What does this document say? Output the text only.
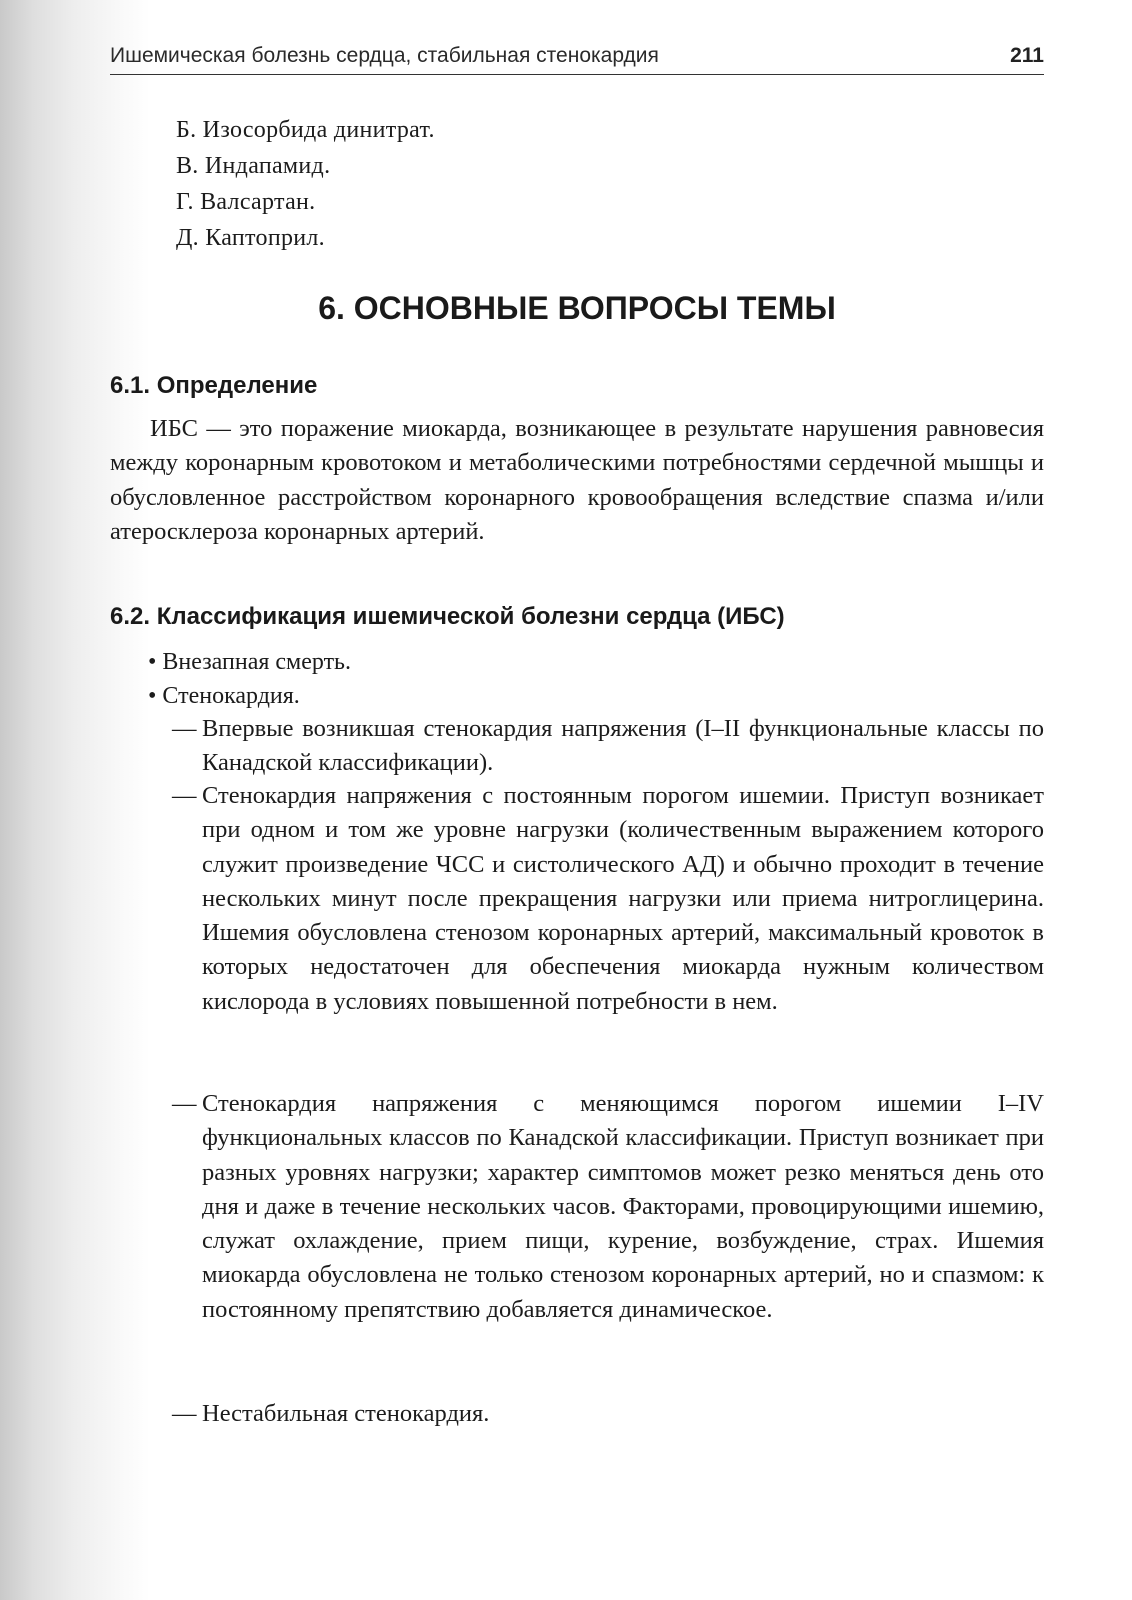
Ишемическая болезнь сердца, стабильная стенокардия	211
Б. Изосорбида динитрат.
В. Индапамид.
Г. Валсартан.
Д. Каптоприл.
6. ОСНОВНЫЕ ВОПРОСЫ ТЕМЫ
6.1. Определение

ИБС — это поражение миокарда, возникающее в результате нарушения равновесия между коронарным кровотоком и метаболическими потребностями сердечной мышцы и обусловленное расстройством коронарного кровообращения вследствие спазма и/или атеросклероза коронарных артерий.

6.2. Классификация ишемической болезни сердца (ИБС)
• Внезапная смерть.
• Стенокардия.
— Впервые возникшая стенокардия напряжения (I–II функциональные классы по Канадской классификации).
— Стенокардия напряжения с постоянным порогом ишемии. Приступ возникает при одном и том же уровне нагрузки (количественным выражением которого служит произведение ЧСС и систолического АД) и обычно проходит в течение нескольких минут после прекращения нагрузки или приема нитроглицерина. Ишемия обусловлена стенозом коронарных артерий, максимальный кровоток в которых недостаточен для обеспечения миокарда нужным количеством кислорода в условиях повышенной потребности в нем.
— Стенокардия напряжения с меняющимся порогом ишемии I–IV функциональных классов по Канадской классификации. Приступ возникает при разных уровнях нагрузки; характер симптомов может резко меняться день ото дня и даже в течение нескольких часов. Факторами, провоцирующими ишемию, служат охлаждение, прием пищи, курение, возбуждение, страх. Ишемия миокарда обусловлена не только стенозом коронарных артерий, но и спазмом: к постоянному препятствию добавляется динамическое.
— Нестабильная стенокардия.
